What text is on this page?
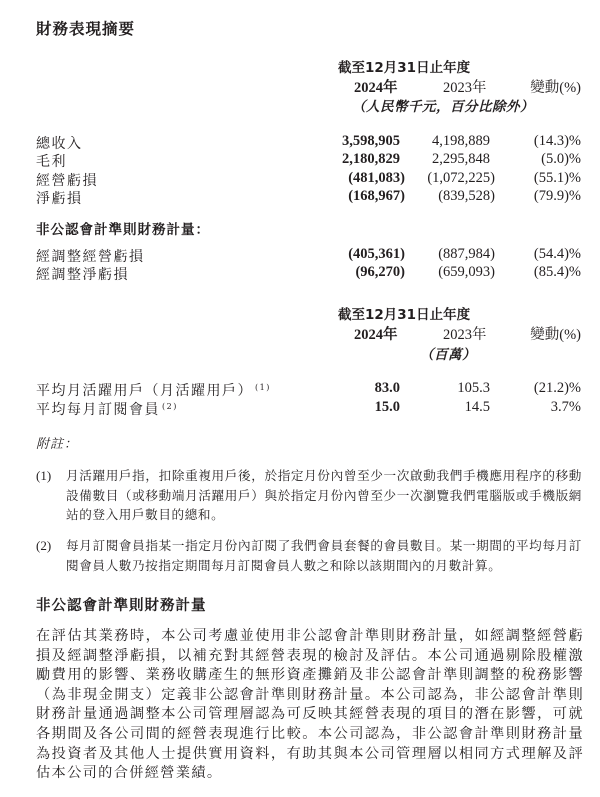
財務表現摘要
截至12月31日止年度
2024年	2023年	變動(%)
（人民幣千元，百分比除外）
總收入	3,598,905	4,198,889	(14.3)%
毛利	2,180,829	2,295,848	(5.0)%
經營虧損	(481,083)	(1,072,225)	(55.1)%
淨虧損	(168,967)	(839,528)	(79.9)%
非公認會計準則財務計量：
經調整經營虧損	(405,361)	(887,984)	(54.4)%
經調整淨虧損	(96,270)	(659,093)	(85.4)%
截至12月31日止年度
2024年	2023年	變動(%)
（百萬）
平均月活躍用戶（月活躍用戶） $^{(1)}$	83.0	105.3	(21.2)%
平均每月訂閱會員 $^{(2)}$	15.0	14.5	3.7%
附註：
(1) 月活躍用戶指，扣除重複用戶後，於指定月份內曾至少一次啟動我們手機應用程序的移動設備數目（或移動端月活躍用戶）與於指定月份內曾至少一次瀏覽我們電腦版或手機版網站的登入用戶數目的總和。
(2) 每月訂閱會員指某一指定月份內訂閱了我們會員套餐的會員數目。某一期間的平均每月訂閱會員人數乃按指定期間每月訂閱會員人數之和除以該期間內的月數計算。
非公認會計準則財務計量
在評估其業務時，本公司考慮並使用非公認會計準則財務計量，如經調整經營虧損及經調整淨虧損，以補充對其經營表現的檢討及評估。本公司通過剔除股權激勵費用的影響、業務收購產生的無形資產攤銷及非公認會計準則調整的稅務影響（為非現金開支）定義非公認會計準則財務計量。本公司認為，非公認會計準則財務計量通過調整本公司管理層認為可反映其經營表現的項目的潛在影響，可就各期間及各公司間的經營表現進行比較。本公司認為，非公認會計準則財務計量為投資者及其他人士提供實用資料，有助其與本公司管理層以相同方式理解及評估本公司的合併經營業績。
